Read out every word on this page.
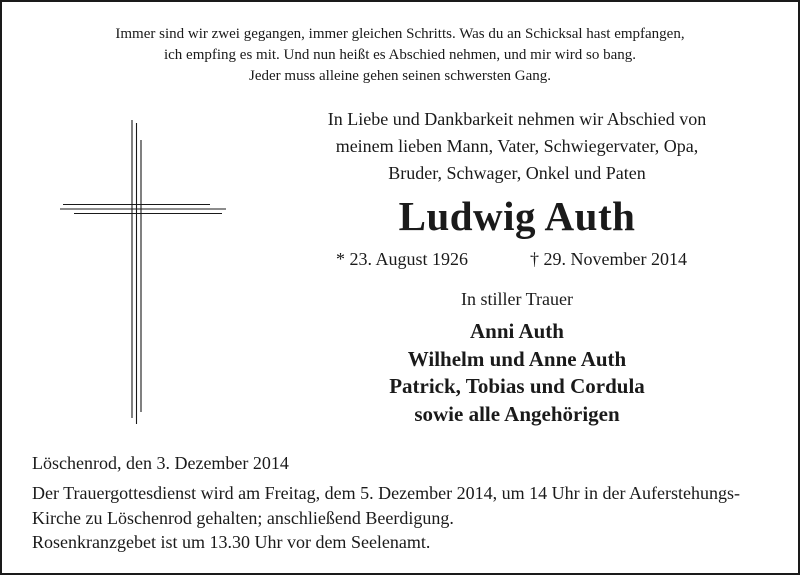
Immer sind wir zwei gegangen, immer gleichen Schritts. Was du an Schicksal hast empfangen,
ich empfing es mit. Und nun heißt es Abschied nehmen, und mir wird so bang.
Jeder muss alleine gehen seinen schwersten Gang.
In Liebe und Dankbarkeit nehmen wir Abschied von
meinem lieben Mann, Vater, Schwiegervater, Opa,
Bruder, Schwager, Onkel und Paten
Ludwig Auth
* 23. August 1926	† 29. November 2014
In stiller Trauer
Anni Auth
Wilhelm und Anne Auth
Patrick, Tobias und Cordula
sowie alle Angehörigen
Löschenrod, den 3. Dezember 2014
Der Trauergottesdienst wird am Freitag, dem 5. Dezember 2014, um 14 Uhr in der Auferstehungs-
Kirche zu Löschenrod gehalten; anschließend Beerdigung.
Rosenkranzgebet ist um 13.30 Uhr vor dem Seelenamt.
